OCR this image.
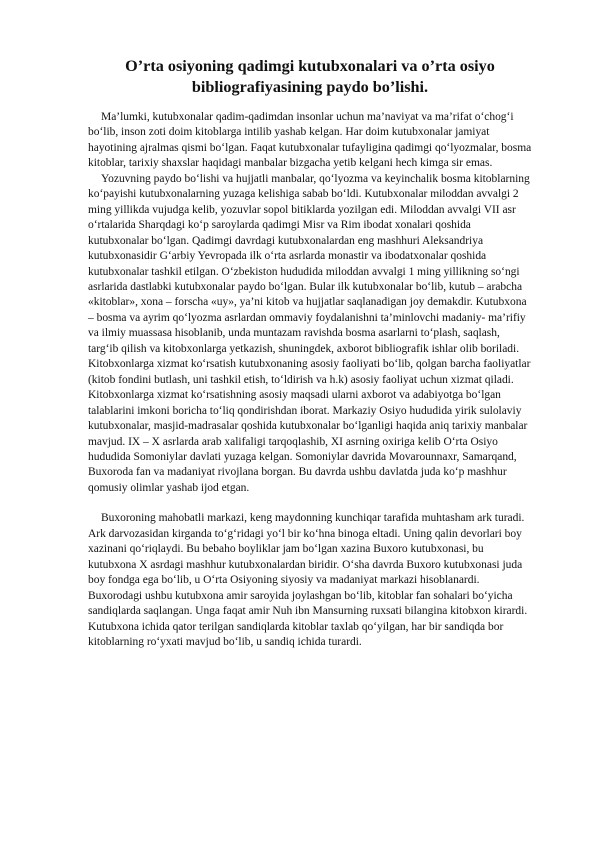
O’rta osiyoning qadimgi kutubxonalari va o’rta osiyo bibliografiyasining paydo bo’lishi.

Ma’lumki, kutubxonalar qadim-qadimdan insonlar uchun ma’naviyat va ma’rifat o‘chog‘i bo‘lib, inson zoti doim kitoblarga intilib yashab kelgan. Har doim kutubxonalar jamiyat hayotining ajralmas qismi bo‘lgan. Faqat kutubxonalar tufayligina qadimgi qo‘lyozmalar, bosma kitoblar, tarixiy shaxslar haqidagi manbalar bizgacha yetib kelgani hech kimga sir emas.

Yozuvning paydo bo‘lishi va hujjatli manbalar, qo‘lyozma va keyinchalik bosma kitoblarning ko‘payishi kutubxonalarning yuzaga kelishiga sabab bo‘ldi. Kutubxonalar miloddan avvalgi 2 ming yillikda vujudga kelib, yozuvlar sopol bitiklarda yozilgan edi. Miloddan avvalgi VII asr o‘rtalarida Sharqdagi ko‘p saroylarda qadimgi Misr va Rim ibodat xonalari qoshida kutubxonalar bo‘lgan. Qadimgi davrdagi kutubxonalardan eng mashhuri Aleksandriya kutubxonasidir G‘arbiy Yevropada ilk o‘rta asrlarda monastir va ibodatxonalar qoshida kutubxonalar tashkil etilgan. O‘zbekiston hududida miloddan avvalgi 1 ming yillikning so‘ngi asrlarida dastlabki kutubxonalar paydo bo‘lgan. Bular ilk kutubxonalar bo‘lib, kutub – arabcha «kitoblar», xona – forscha «uy», ya’ni kitob va hujjatlar saqlanadigan joy demakdir. Kutubxona – bosma va ayrim qo‘lyozma asrlardan ommaviy foydalanishni ta’minlovchi madaniy- ma’rifiy va ilmiy muassasa hisoblanib, unda muntazam ravishda bosma asarlarni to‘plash, saqlash, targ‘ib qilish va kitobxonlarga yetkazish, shuningdek, axborot bibliografik ishlar olib boriladi. Kitobxonlarga xizmat ko‘rsatish kutubxonaning asosiy faoliyati bo‘lib, qolgan barcha faoliyatlar (kitob fondini butlash, uni tashkil etish, to‘ldirish va h.k) asosiy faoliyat uchun xizmat qiladi. Kitobxonlarga xizmat ko‘rsatishning asosiy maqsadi ularni axborot va adabiyotga bo‘lgan talablarini imkoni boricha to‘liq qondirishdan iborat. Markaziy Osiyo hududida yirik sulolaviy kutubxonalar, masjid-madrasalar qoshida kutubxonalar bo‘lganligi haqida aniq tarixiy manbalar mavjud. IX – X asrlarda arab xalifaligi tarqoqlashib, XI asrning oxiriga kelib O‘rta Osiyo hududida Somoniylar davlati yuzaga kelgan. Somoniylar davrida Movarounnaxr, Samarqand, Buxoroda fan va madaniyat rivojlana borgan. Bu davrda ushbu davlatda juda ko‘p mashhur qomusiy olimlar yashab ijod etgan.

Buxoroning mahobatli markazi, keng maydonning kunchiqar tarafida muhtasham ark turadi. Ark darvozasidan kirganda to‘g‘ridagi yo‘l bir ko‘hna binoga eltadi. Uning qalin devorlari boy xazinani qo‘riqlaydi. Bu bebaho boyliklar jam bo‘lgan xazina Buxoro kutubxonasi, bu kutubxona X asrdagi mashhur kutubxonalardan biridir. O‘sha davrda Buxoro kutubxonasi juda boy fondga ega bo‘lib, u O‘rta Osiyoning siyosiy va madaniyat markazi hisoblanardi. Buxorodagi ushbu kutubxona amir saroyida joylashgan bo‘lib, kitoblar fan sohalari bo‘yicha sandiqlarda saqlangan. Unga faqat amir Nuh ibn Mansurning ruxsati bilangina kitobxon kirardi. Kutubxona ichida qator terilgan sandiqlarda kitoblar taxlab qo‘yilgan, har bir sandiqda bor kitoblarning ro‘yxati mavjud bo‘lib, u sandiq ichida turardi.
